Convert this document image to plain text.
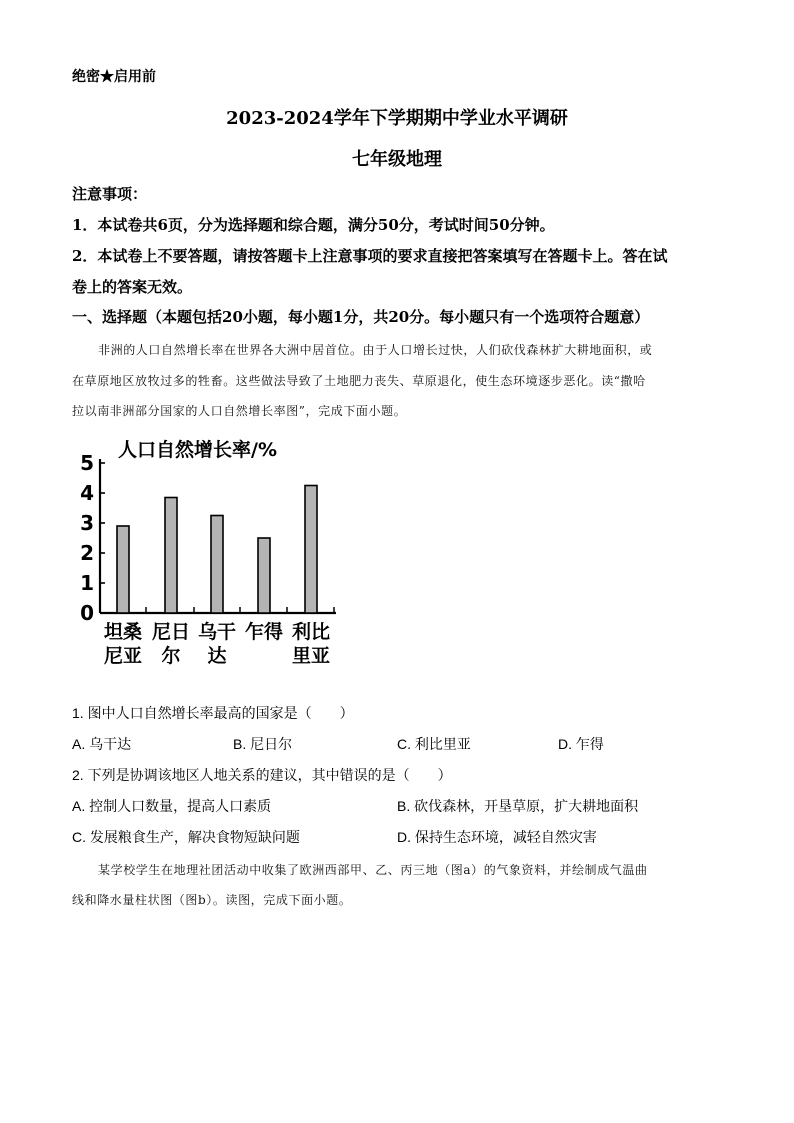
绝密★启用前
2023-2024学年下学期期中学业水平调研
七年级地理
注意事项：
1．本试卷共6页，分为选择题和综合题，满分50分，考试时间50分钟。
2．本试卷上不要答题，请按答题卡上注意事项的要求直接把答案填写在答题卡上。答在试
卷上的答案无效。
一、选择题（本题包括20小题，每小题1分，共20分。每小题只有一个选项符合题意）
非洲的人口自然增长率在世界各大洲中居首位。由于人口增长过快，人们砍伐森林扩大耕地面积，或
在草原地区放牧过多的牲畜。这些做法导致了土地肥力丧失、草原退化，使生态环境逐步恶化。读“撒哈
拉以南非洲部分国家的人口自然增长率图”，完成下面小题。
人口自然增长率/%
0
1
2
3
4
5
坦桑
尼亚
尼日
尔
乌干
达
乍得 利比
里亚
1. 图中人口自然增长率最高的国家是（　　）
A. 乌干达	B. 尼日尔	C. 利比里亚	D. 乍得
2. 下列是协调该地区人地关系的建议，其中错误的是（　　）
A. 控制人口数量，提高人口素质	B. 砍伐森林，开垦草原，扩大耕地面积
C. 发展粮食生产，解决食物短缺问题	D. 保持生态环境，减轻自然灾害
某学校学生在地理社团活动中收集了欧洲西部甲、乙、丙三地（图a）的气象资料，并绘制成气温曲
线和降水量柱状图（图b）。读图，完成下面小题。
